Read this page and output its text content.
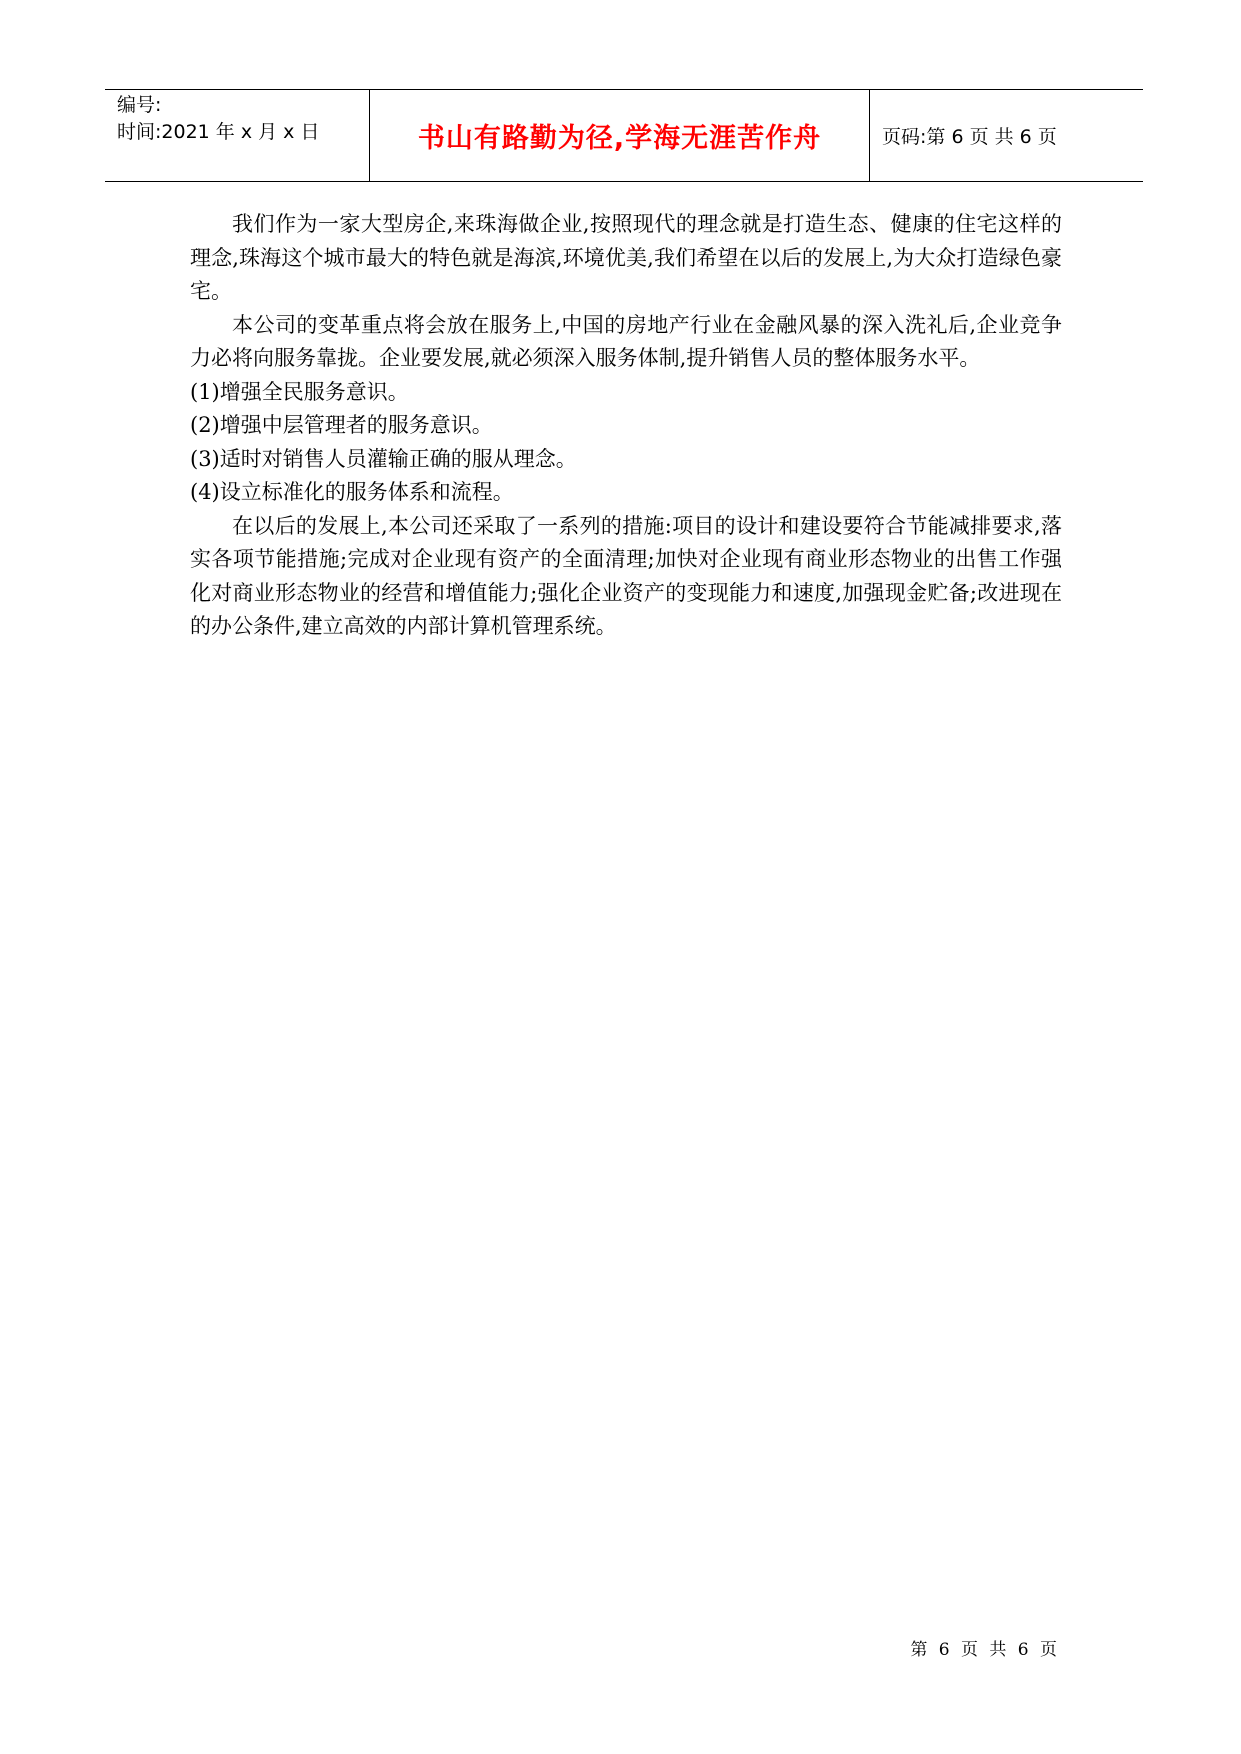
编号:
时间:2021 年 x 月 x 日	书山有路勤为径,学海无涯苦作舟	页码:第 6 页 共 6 页

我们作为一家大型房企,来珠海做企业,按照现代的理念就是打造生态、健康的住宅这样的理念,珠海这个城市最大的特色就是海滨,环境优美,我们希望在以后的发展上,为大众打造绿色豪宅。

本公司的变革重点将会放在服务上,中国的房地产行业在金融风暴的深入洗礼后,企业竞争力必将向服务靠拢。企业要发展,就必须深入服务体制,提升销售人员的整体服务水平。

(1)增强全民服务意识。

(2)增强中层管理者的服务意识。

(3)适时对销售人员灌输正确的服从理念。

(4)设立标准化的服务体系和流程。

在以后的发展上,本公司还采取了一系列的措施:项目的设计和建设要符合节能减排要求,落实各项节能措施;完成对企业现有资产的全面清理;加快对企业现有商业形态物业的出售工作强化对商业形态物业的经营和增值能力;强化企业资产的变现能力和速度,加强现金贮备;改进现在的办公条件,建立高效的内部计算机管理系统。

第 6 页 共 6 页
